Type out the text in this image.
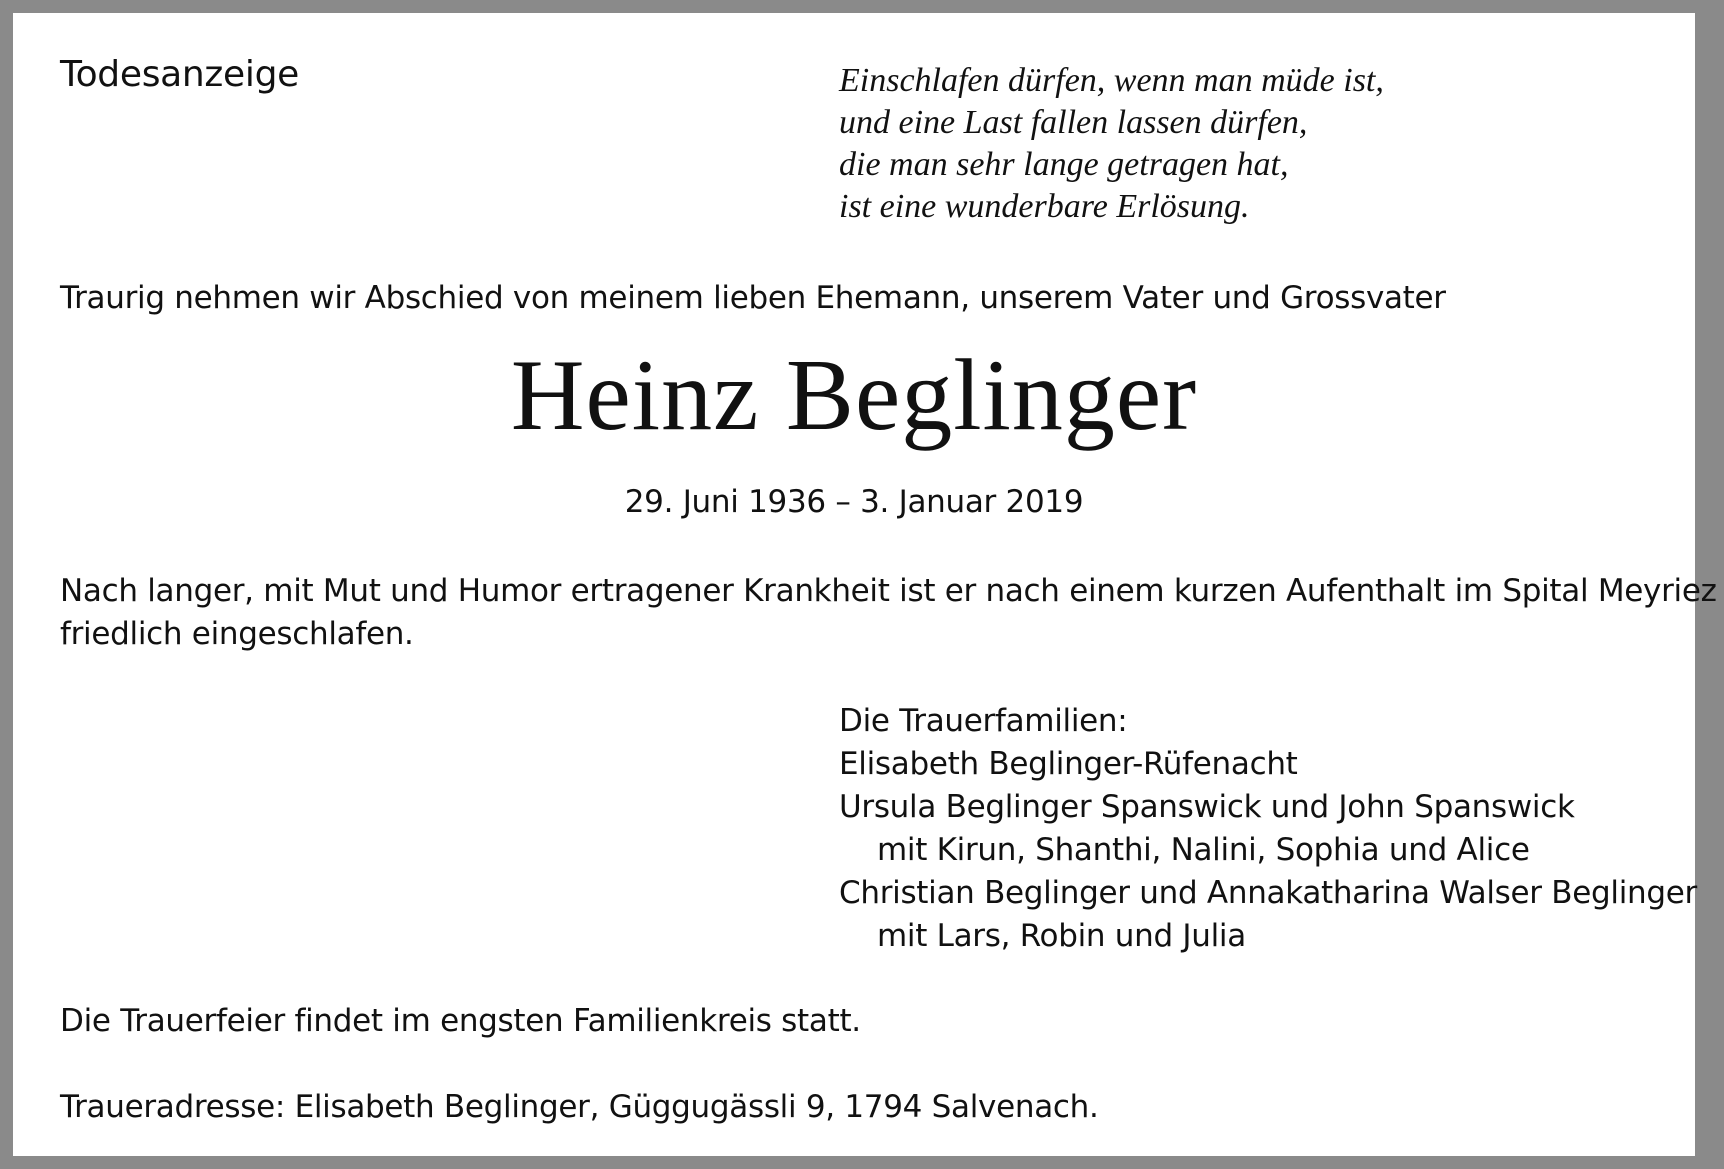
Todesanzeige	Einschlafen dürfen, wenn man müde ist,
und eine Last fallen lassen dürfen,
die man sehr lange getragen hat,
ist eine wunderbare Erlösung.
Traurig nehmen wir Abschied von meinem lieben Ehemann, unserem Vater und Grossvater
Heinz Beglinger
29. Juni 1936 – 3. Januar 2019
Nach langer, mit Mut und Humor ertragener Krankheit ist er nach einem kurzen Aufenthalt im Spital Meyriez
friedlich eingeschlafen.
Die Trauerfamilien:
Elisabeth Beglinger-Rüfenacht
Ursula Beglinger Spanswick und John Spanswick
mit Kirun, Shanthi, Nalini, Sophia und Alice
Christian Beglinger und Annakatharina Walser Beglinger
mit Lars, Robin und Julia
Die Trauerfeier findet im engsten Familienkreis statt.
Traueradresse: Elisabeth Beglinger, Güggugässli 9, 1794 Salvenach.
